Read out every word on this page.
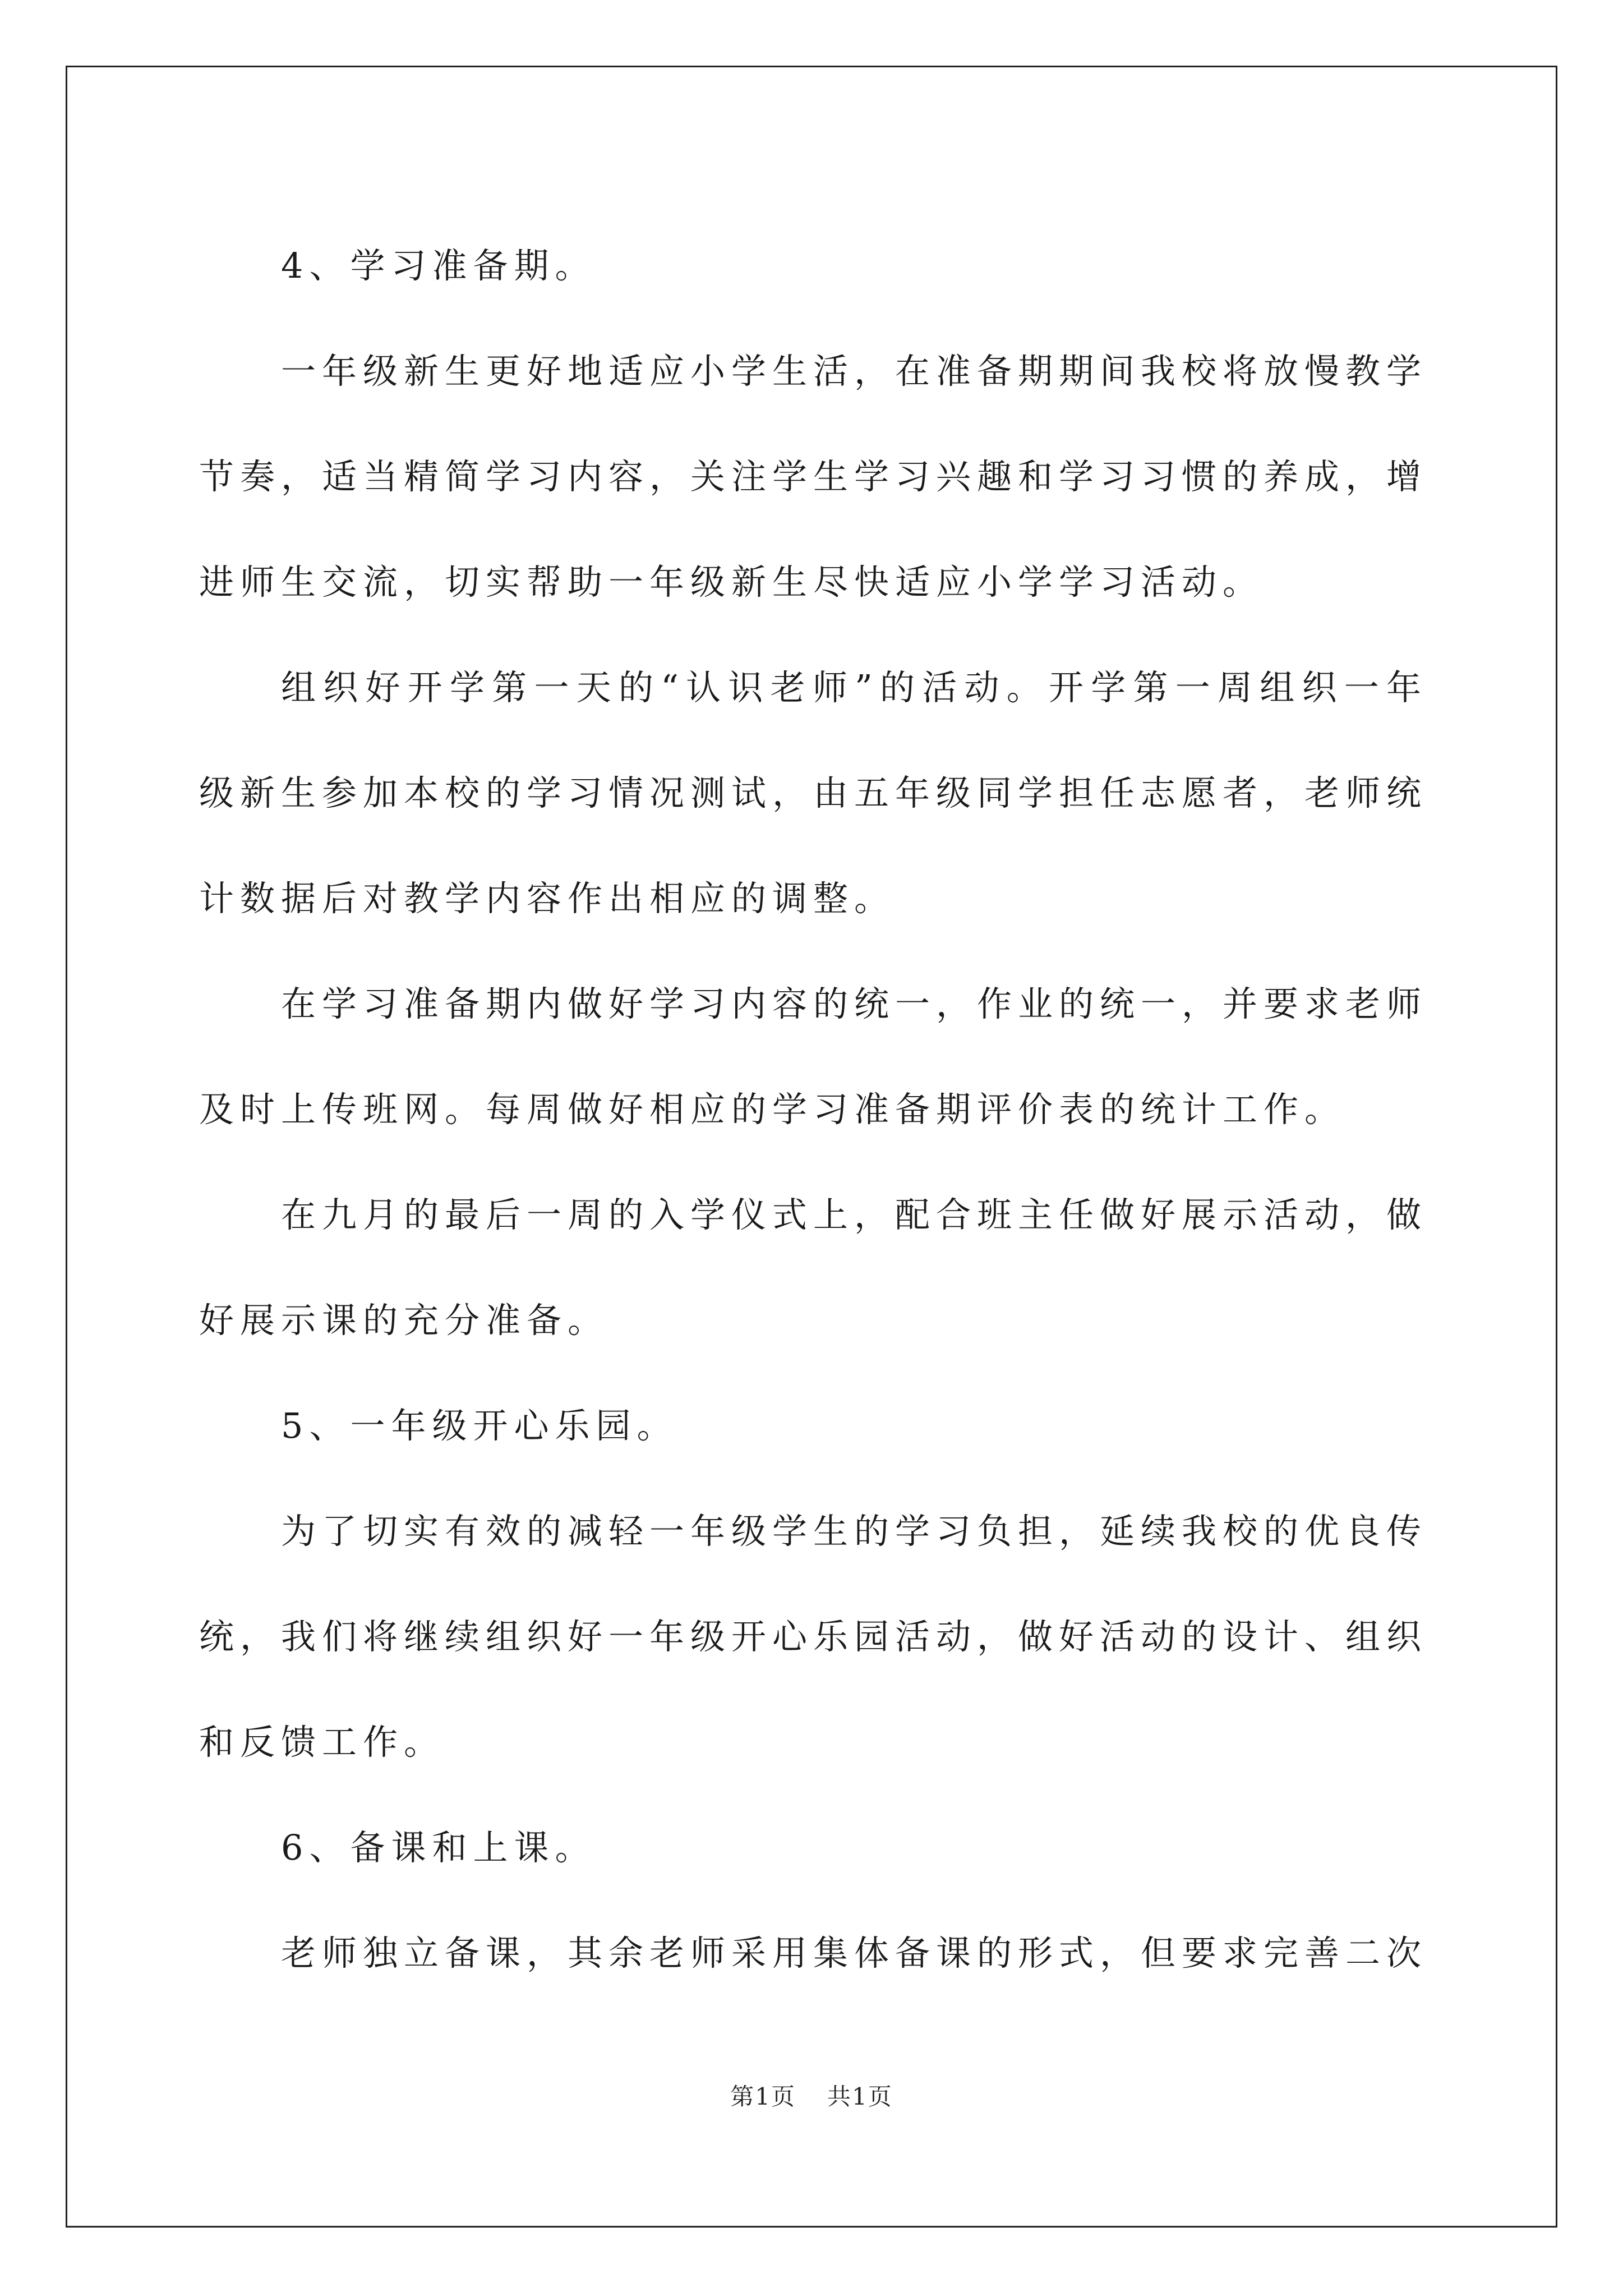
4、学习准备期。

一年级新生更好地适应小学生活，在准备期期间我校将放慢教学节奏，适当精简学习内容，关注学生学习兴趣和学习习惯的养成，增进师生交流，切实帮助一年级新生尽快适应小学学习活动。

组织好开学第一天的“认识老师”的活动。开学第一周组织一年级新生参加本校的学习情况测试，由五年级同学担任志愿者，老师统计数据后对教学内容作出相应的调整。

在学习准备期内做好学习内容的统一，作业的统一，并要求老师及时上传班网。每周做好相应的学习准备期评价表的统计工作。

在九月的最后一周的入学仪式上，配合班主任做好展示活动，做好展示课的充分准备。

5、一年级开心乐园。

为了切实有效的减轻一年级学生的学习负担，延续我校的优良传统，我们将继续组织好一年级开心乐园活动，做好活动的设计、组织和反馈工作。

6、备课和上课。

老师独立备课，其余老师采用集体备课的形式，但要求完善二次

第1页 共1页
